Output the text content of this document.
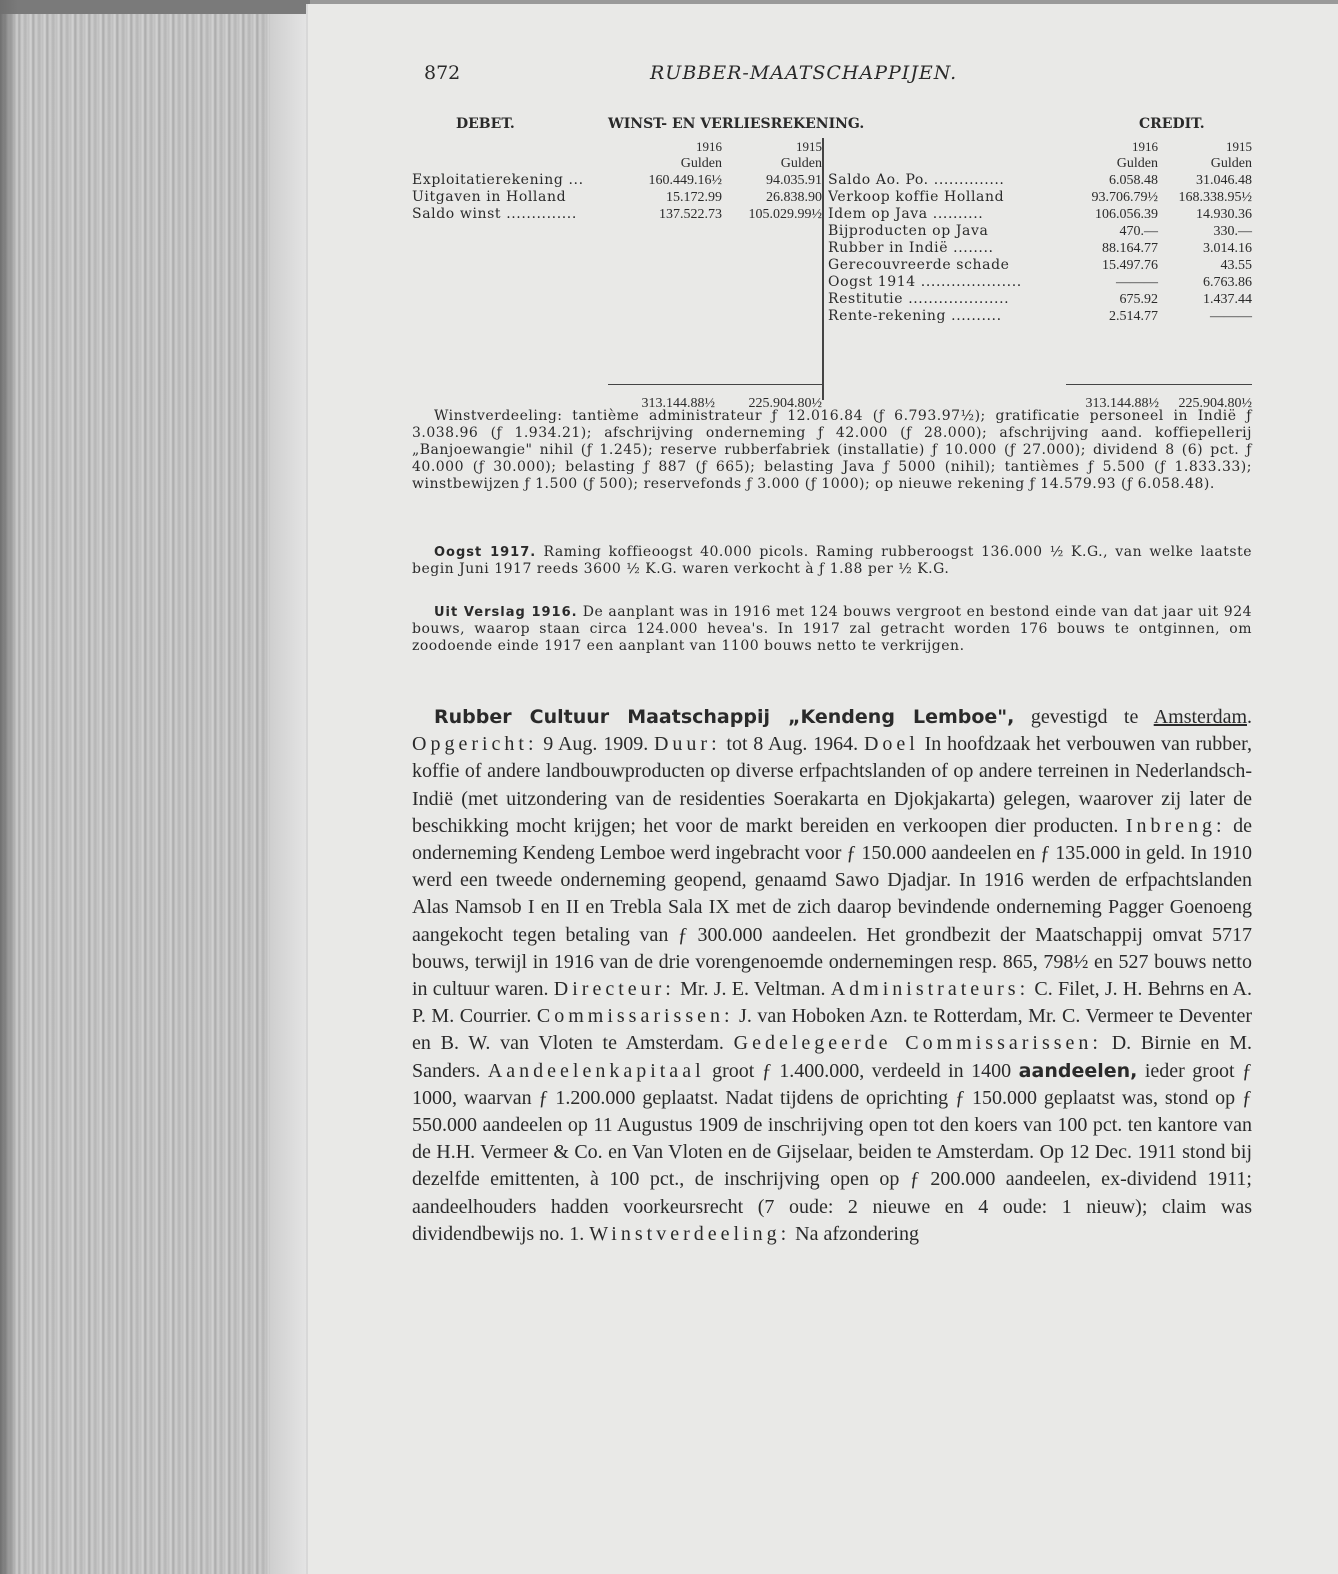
872	RUBBER-MAATSCHAPPIJEN.
DEBET.	WINST- EN VERLIESREKENING.	CREDIT.
1916	1915
Gulden	Gulden
Exploitatierekening ...	160.449.16½	94.035.91
Uitgaven in Holland	15.172.99	26.838.90
Saldo winst ..............	137.522.73	105.029.99½
313.144.88½	225.904.80½
1916	1915
Gulden	Gulden
Saldo Ao. Po. ..............	6.058.48	31.046.48
Verkoop koffie Holland	93.706.79½	168.338.95½
Idem op Java ..........	106.056.39	14.930.36
Bijproducten op Java	470.—	330.—
Rubber in Indië ........	88.164.77	3.014.16
Gerecouvreerde schade	15.497.76	43.55
Oogst 1914 ....................	———	6.763.86
Restitutie ....................	675.92	1.437.44
Rente-rekening ..........	2.514.77	———
313.144.88½	225.904.80½

Winstverdeeling: tantième administrateur ƒ 12.016.84 (ƒ 6.793.97½); gratificatie personeel in Indië ƒ 3.038.96 (ƒ 1.934.21); afschrijving onderneming ƒ 42.000 (ƒ 28.000); afschrijving aand. koffiepellerij „Banjoewangie" nihil (ƒ 1.245); reserve rubberfabriek (installatie) ƒ 10.000 (ƒ 27.000); dividend 8 (6) pct. ƒ 40.000 (ƒ 30.000); belasting ƒ 887 (ƒ 665); belasting Java ƒ 5000 (nihil); tantièmes ƒ 5.500 (ƒ 1.833.33); winstbewijzen ƒ 1.500 (ƒ 500); reservefonds ƒ 3.000 (ƒ 1000); op nieuwe rekening ƒ 14.579.93 (ƒ 6.058.48).

Oogst 1917. Raming koffieoogst 40.000 picols. Raming rubberoogst 136.000 ½ K.G., van welke laatste begin Juni 1917 reeds 3600 ½ K.G. waren verkocht à ƒ 1.88 per ½ K.G.

Uit Verslag 1916. De aanplant was in 1916 met 124 bouws vergroot en bestond einde van dat jaar uit 924 bouws, waarop staan circa 124.000 hevea's. In 1917 zal getracht worden 176 bouws te ontginnen, om zoodoende einde 1917 een aanplant van 1100 bouws netto te verkrijgen.

Rubber Cultuur Maatschappij „Kendeng Lemboe", gevestigd te Amsterdam. Opgericht: 9 Aug. 1909. Duur: tot 8 Aug. 1964. Doel In hoofdzaak het verbouwen van rubber, koffie of andere landbouwproducten op diverse erfpachtslanden of op andere terreinen in Nederlandsch-Indië (met uitzondering van de residenties Soerakarta en Djokjakarta) gelegen, waarover zij later de beschikking mocht krijgen; het voor de markt bereiden en verkoopen dier producten. Inbreng: de onderneming Kendeng Lemboe werd ingebracht voor ƒ 150.000 aandeelen en ƒ 135.000 in geld. In 1910 werd een tweede onderneming geopend, genaamd Sawo Djadjar. In 1916 werden de erfpachtslanden Alas Namsob I en II en Trebla Sala IX met de zich daarop bevindende onderneming Pagger Goenoeng aangekocht tegen betaling van ƒ 300.000 aandeelen. Het grondbezit der Maatschappij omvat 5717 bouws, terwijl in 1916 van de drie vorengenoemde ondernemingen resp. 865, 798½ en 527 bouws netto in cultuur waren. Directeur: Mr. J. E. Veltman. Administrateurs: C. Filet, J. H. Behrns en A. P. M. Courrier. Commissarissen: J. van Hoboken Azn. te Rotterdam, Mr. C. Vermeer te Deventer en B. W. van Vloten te Amsterdam. Gedelegeerde Commissarissen: D. Birnie en M. Sanders. Aandeelenkapitaal groot ƒ 1.400.000, verdeeld in 1400 aandeelen, ieder groot ƒ 1000, waarvan ƒ 1.200.000 geplaatst. Nadat tijdens de oprichting ƒ 150.000 geplaatst was, stond op ƒ 550.000 aandeelen op 11 Augustus 1909 de inschrijving open tot den koers van 100 pct. ten kantore van de H.H. Vermeer & Co. en Van Vloten en de Gijselaar, beiden te Amsterdam. Op 12 Dec. 1911 stond bij dezelfde emittenten, à 100 pct., de inschrijving open op ƒ 200.000 aandeelen, ex-dividend 1911; aandeelhouders hadden voorkeursrecht (7 oude: 2 nieuwe en 4 oude: 1 nieuw); claim was dividendbewijs no. 1. Winstverdeeling: Na afzondering
